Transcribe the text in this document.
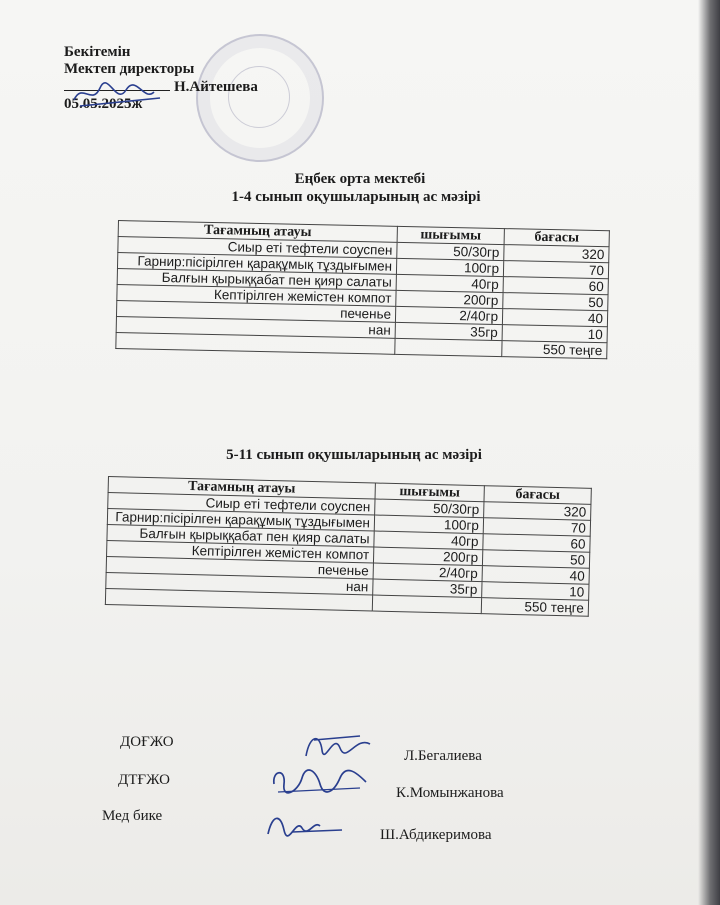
Бекітемін
Мектеп директоры
Н.Айтешева
05.05.2025ж
Еңбек орта мектебі
1-4 сынып оқушыларының ас мәзірі
Тағамның атауы	шығымы	бағасы
Сиыр еті тефтели соуспен	50/30гр	320
Гарнир:пісірілген қарақұмық тұздығымен	100гр	70
Балғын қырыққабат пен қияр салаты	40гр	60
Кептірілген жемістен компот	200гр	50
печенье	2/40гр	40
нан	35гр	10
		550 теңге
5-11 сынып оқушыларының ас мәзірі
Тағамның атауы	шығымы	бағасы
Сиыр еті тефтели соуспен	50/30гр	320
Гарнир:пісірілген қарақұмық тұздығымен	100гр	70
Балғын қырыққабат пен қияр салаты	40гр	60
Кептірілген жемістен компот	200гр	50
печенье	2/40гр	40
нан	35гр	10
		550 теңге
ДОҒЖО
Л.Бегалиева
ДТҒЖО
К.Момынжанова
Мед бике
Ш.Абдикеримова
